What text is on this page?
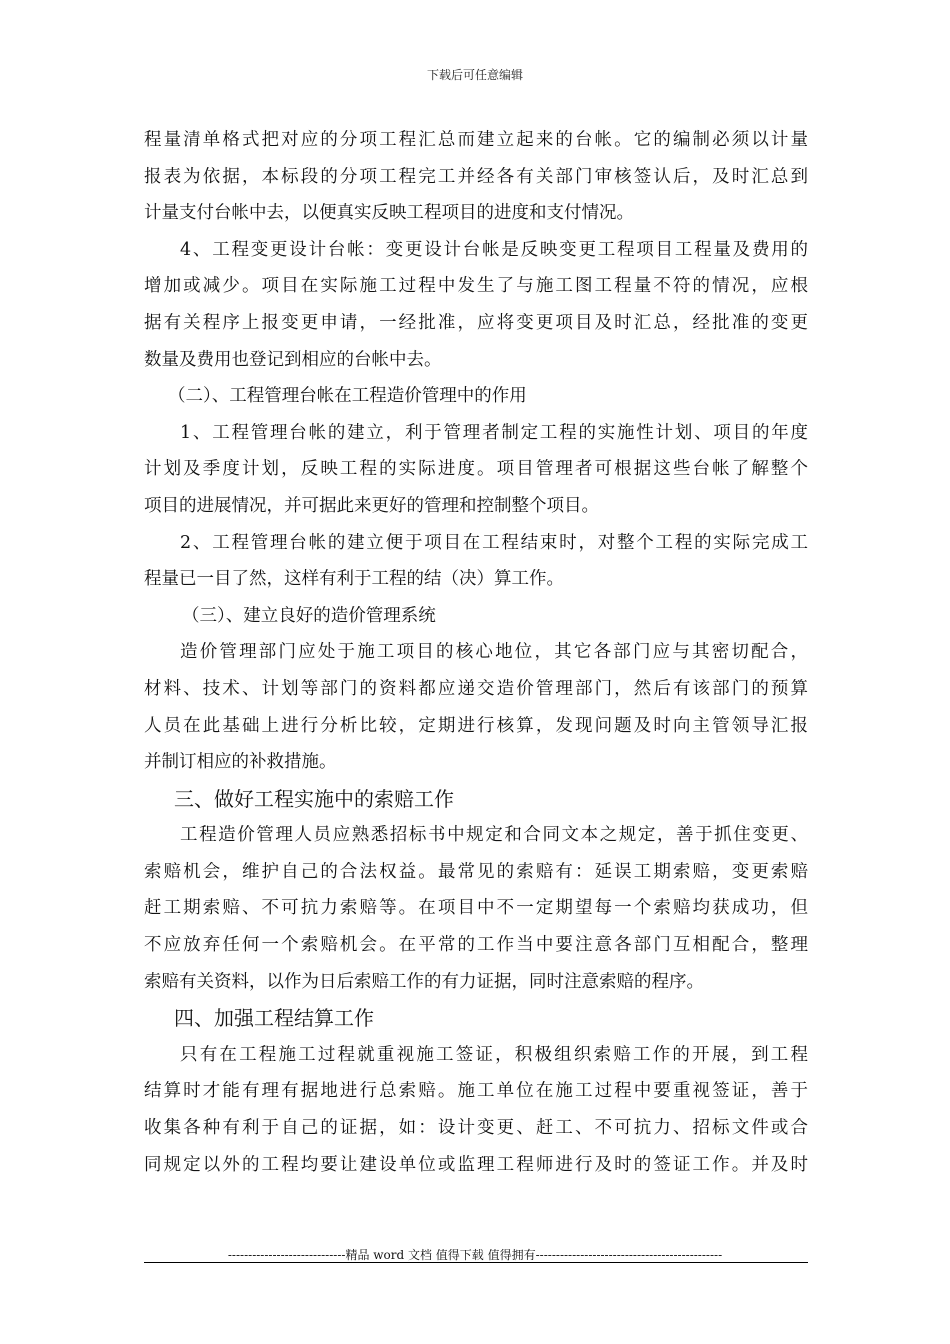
下载后可任意编辑
程量清单格式把对应的分项工程汇总而建立起来的台帐。它的编制必须以计量
报表为依据，本标段的分项工程完工并经各有关部门审核签认后，及时汇总到
计量支付台帐中去，以便真实反映工程项目的进度和支付情况。
4、工程变更设计台帐：变更设计台帐是反映变更工程项目工程量及费用的
增加或减少。项目在实际施工过程中发生了与施工图工程量不符的情况，应根
据有关程序上报变更申请，一经批准，应将变更项目及时汇总，经批准的变更
数量及费用也登记到相应的台帐中去。
（二）、工程管理台帐在工程造价管理中的作用
1、工程管理台帐的建立，利于管理者制定工程的实施性计划、项目的年度
计划及季度计划，反映工程的实际进度。项目管理者可根据这些台帐了解整个
项目的进展情况，并可据此来更好的管理和控制整个项目。
2、工程管理台帐的建立便于项目在工程结束时，对整个工程的实际完成工
程量已一目了然，这样有利于工程的结（决）算工作。
（三）、建立良好的造价管理系统
造价管理部门应处于施工项目的核心地位，其它各部门应与其密切配合，
材料、技术、计划等部门的资料都应递交造价管理部门，然后有该部门的预算
人员在此基础上进行分析比较，定期进行核算，发现问题及时向主管领导汇报
并制订相应的补救措施。
三、做好工程实施中的索赔工作
工程造价管理人员应熟悉招标书中规定和合同文本之规定，善于抓住变更、
索赔机会，维护自己的合法权益。最常见的索赔有：延误工期索赔，变更索赔
赶工期索赔、不可抗力索赔等。在项目中不一定期望每一个索赔均获成功，但
不应放弃任何一个索赔机会。在平常的工作当中要注意各部门互相配合，整理
索赔有关资料，以作为日后索赔工作的有力证据，同时注意索赔的程序。
四、加强工程结算工作
只有在工程施工过程就重视施工签证，积极组织索赔工作的开展，到工程
结算时才能有理有据地进行总索赔。施工单位在施工过程中要重视签证，善于
收集各种有利于自己的证据，如：设计变更、赶工、不可抗力、招标文件或合
同规定以外的工程均要让建设单位或监理工程师进行及时的签证工作。并及时
-----------------------------精品 word 文档 值得下载 值得拥有----------------------------------------------
